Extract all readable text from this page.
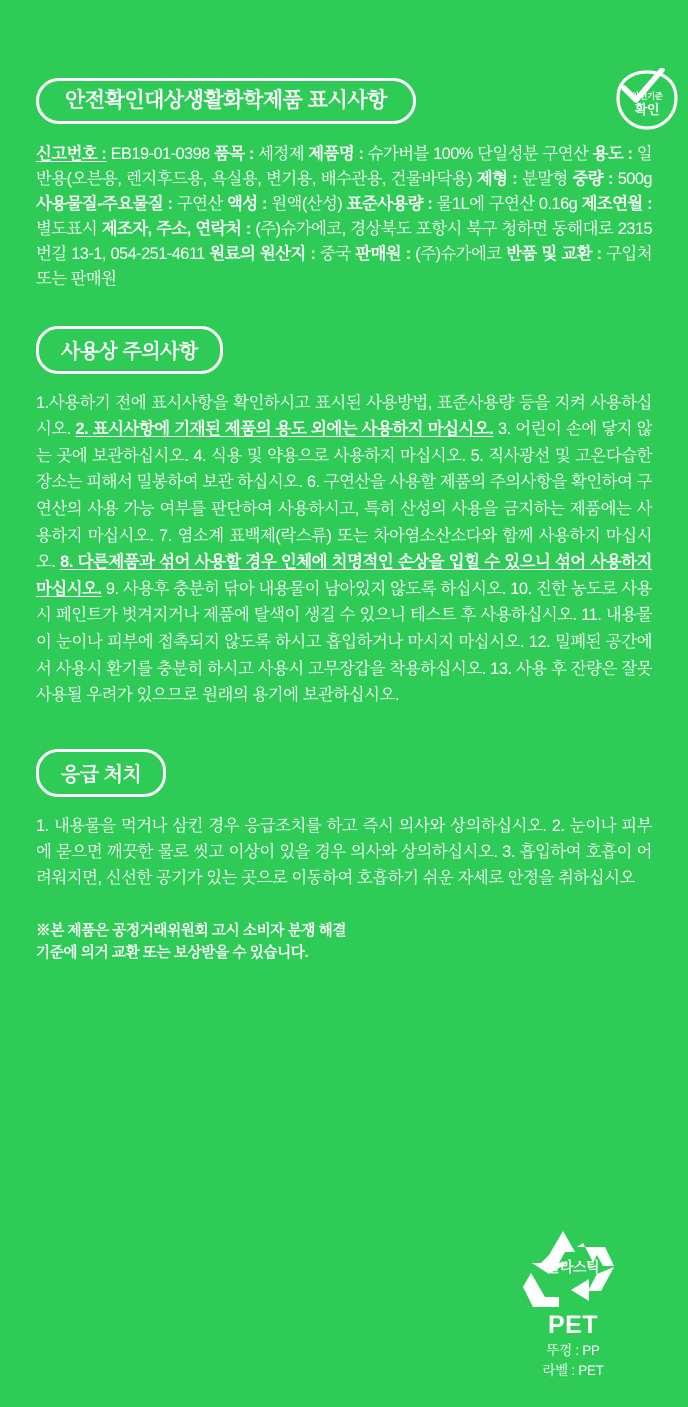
안전확인대상생활화학제품 표시사항	안전기준
확인
신고번호 : EB19-01-0398 품목 : 세정제 제품명 : 슈가버블 100% 단일성분 구연산 용도 : 일반용(오븐용, 렌지후드용, 욕실용, 변기용, 배수관용, 건물바닥용) 제형 : 분말형 중량 : 500g 사용물질-주요물질 : 구연산 액성 : 원액(산성) 표준사용량 : 물1L에 구연산 0.16g 제조연월 : 별도표시 제조자, 주소, 연락처 : (주)슈가에코, 경상북도 포항시 북구 청하면 동해대로 2315번길 13-1, 054-251-4611 원료의 원산지 : 중국 판매원 : (주)슈가에코 반품 및 교환 : 구입처 또는 판매원
사용상 주의사항
1.사용하기 전에 표시사항을 확인하시고 표시된 사용방법, 표준사용량 등을 지켜 사용하십시오. 2. 표시사항에 기재된 제품의 용도 외에는 사용하지 마십시오. 3. 어린이 손에 닿지 않는 곳에 보관하십시오. 4. 식용 및 약용으로 사용하지 마십시오. 5. 직사광선 및 고온다습한 장소는 피해서 밀봉하여 보관 하십시오. 6. 구연산을 사용할 제품의 주의사항을 확인하여 구연산의 사용 가능 여부를 판단하여 사용하시고, 특히 산성의 사용을 금지하는 제품에는 사용하지 마십시오. 7. 염소계 표백제(락스류) 또는 차아염소산소다와 함께 사용하지 마십시오. 8. 다른제품과 섞어 사용할 경우 인체에 치명적인 손상을 입힐 수 있으니 섞어 사용하지 마십시오. 9. 사용후 충분히 닦아 내용물이 남아있지 않도록 하십시오. 10. 진한 농도로 사용시 페인트가 벗겨지거나 제품에 탈색이 생길 수 있으니 테스트 후 사용하십시오. 11. 내용물이 눈이나 피부에 접촉되지 않도록 하시고 흡입하거나 마시지 마십시오. 12. 밀폐된 공간에서 사용시 환기를 충분히 하시고 사용시 고무장갑을 착용하십시오. 13. 사용 후 잔량은 잘못 사용될 우려가 있으므로 원래의 용기에 보관하십시오.
응급 처치
1. 내용물을 먹거나 삼킨 경우 응급조치를 하고 즉시 의사와 상의하십시오. 2. 눈이나 피부에 묻으면 깨끗한 물로 씻고 이상이 있을 경우 의사와 상의하십시오. 3. 흡입하여 호흡이 어려워지면, 신선한 공기가 있는 곳으로 이동하여 호흡하기 쉬운 자세로 안정을 취하십시오
※본 제품은 공정거래위원회 고시 소비자 분쟁 해결
기준에 의거 교환 또는 보상받을 수 있습니다.
플라스틱
PET
뚜껑 : PP
라벨 : PET
